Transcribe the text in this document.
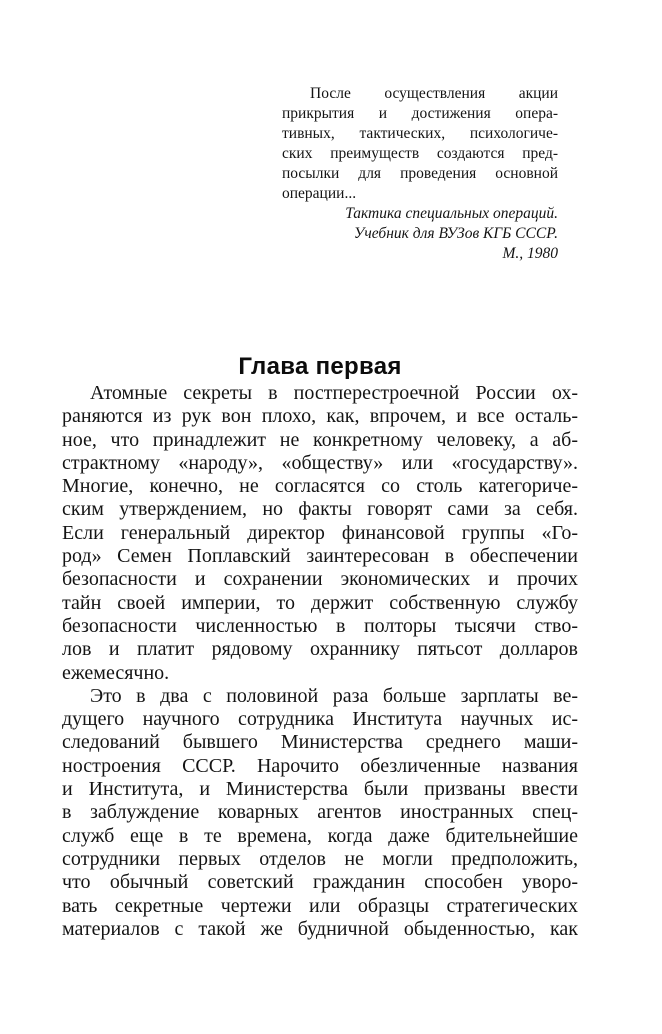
После осуществления акции
прикрытия и достижения опера-
тивных, тактических, психологиче-
ских преимуществ создаются пред-
посылки для проведения основной
операции...
Тактика специальных операций.
Учебник для ВУЗов КГБ СССР.
М., 1980
Глава первая
Атомные секреты в постперестроечной России ох-
раняются из рук вон плохо, как, впрочем, и все осталь-
ное, что принадлежит не конкретному человеку, а аб-
страктному «народу», «обществу» или «государству».
Многие, конечно, не согласятся со столь категориче-
ским утверждением, но факты говорят сами за себя.
Если генеральный директор финансовой группы «Го-
род» Семен Поплавский заинтересован в обеспечении
безопасности и сохранении экономических и прочих
тайн своей империи, то держит собственную службу
безопасности численностью в полторы тысячи ство-
лов и платит рядовому охраннику пятьсот долларов
ежемесячно.
Это в два с половиной раза больше зарплаты ве-
дущего научного сотрудника Института научных ис-
следований бывшего Министерства среднего маши-
ностроения СССР. Нарочито обезличенные названия
и Института, и Министерства были призваны ввести
в заблуждение коварных агентов иностранных спец-
служб еще в те времена, когда даже бдительнейшие
сотрудники первых отделов не могли предположить,
что обычный советский гражданин способен уворо-
вать секретные чертежи или образцы стратегических
материалов с такой же будничной обыденностью, как
